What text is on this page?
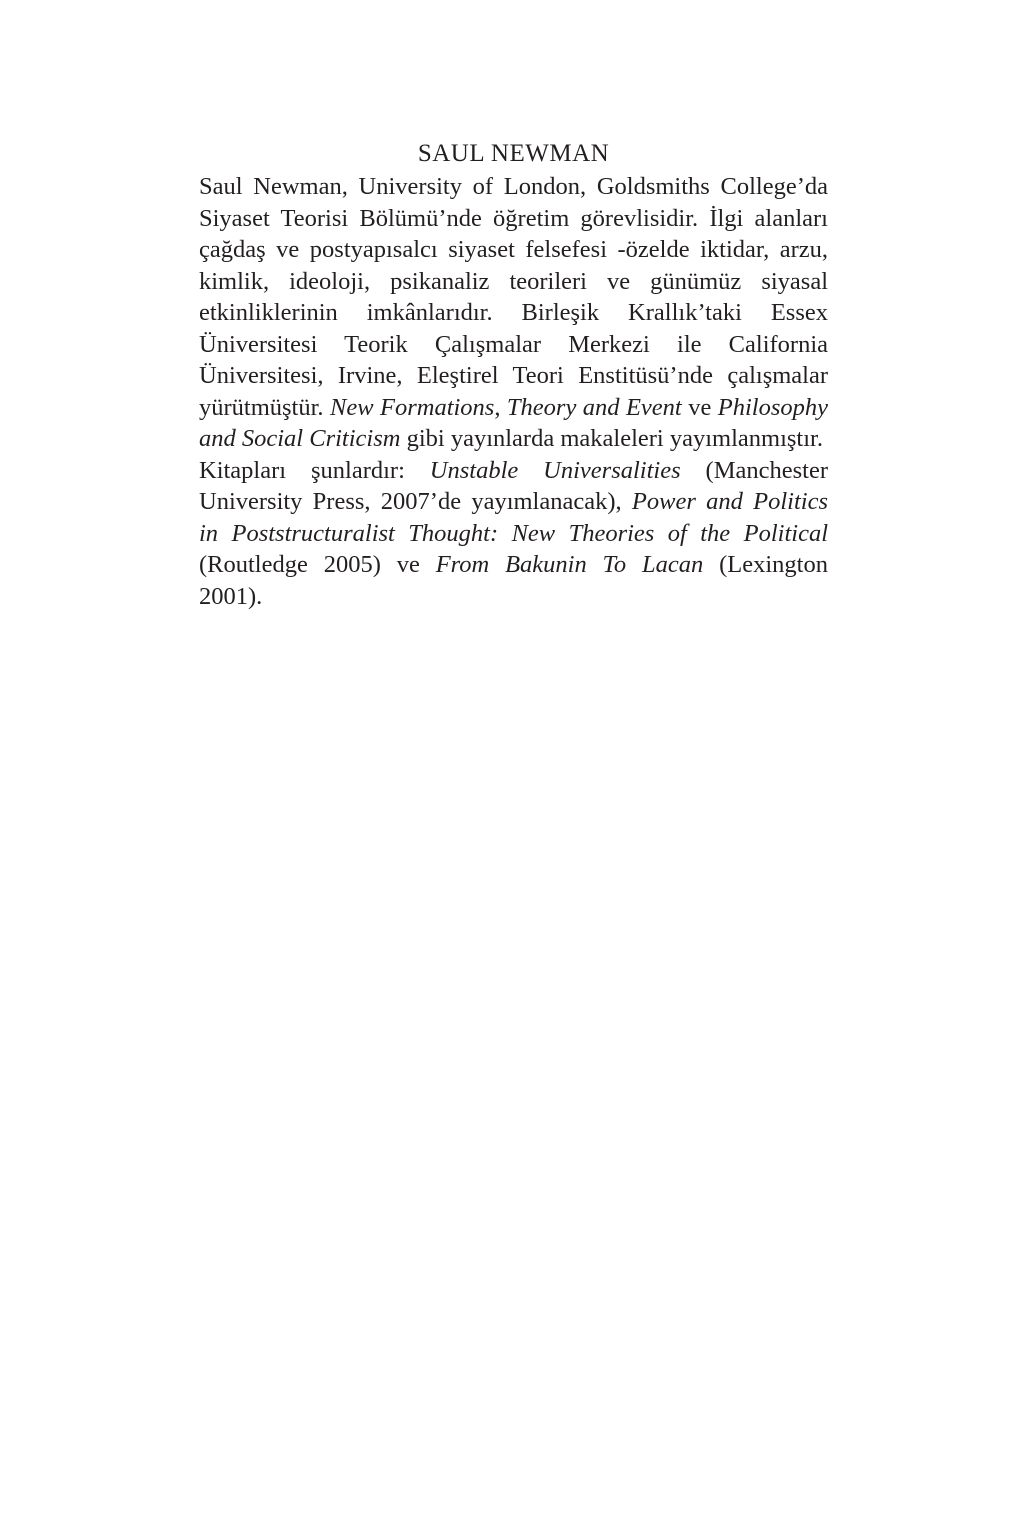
SAUL NEWMAN

Saul Newman, University of London, Goldsmiths College’da Siyaset Teorisi Bölümü’nde öğretim görevlisidir. İlgi alanları çağdaş ve postyapısalcı siyaset felsefesi -özelde iktidar, arzu, kimlik, ideoloji, psikanaliz teorileri ve günümüz siyasal etkinliklerinin imkânlarıdır. Birleşik Krallık’taki Essex Üniversitesi Teorik Çalışmalar Merkezi ile California Üniversitesi, Irvine, Eleştirel Teori Enstitüsü’nde çalışmalar yürütmüştür. New Formations, Theory and Event ve Philosophy and Social Criticism gibi yayınlarda makaleleri yayımlanmıştır.

Kitapları şunlardır: Unstable Universalities (Manchester University Press, 2007’de yayımlanacak), Power and Politics in Poststructuralist Thought: New Theories of the Political (Routledge 2005) ve From Bakunin To Lacan (Lexington 2001).
